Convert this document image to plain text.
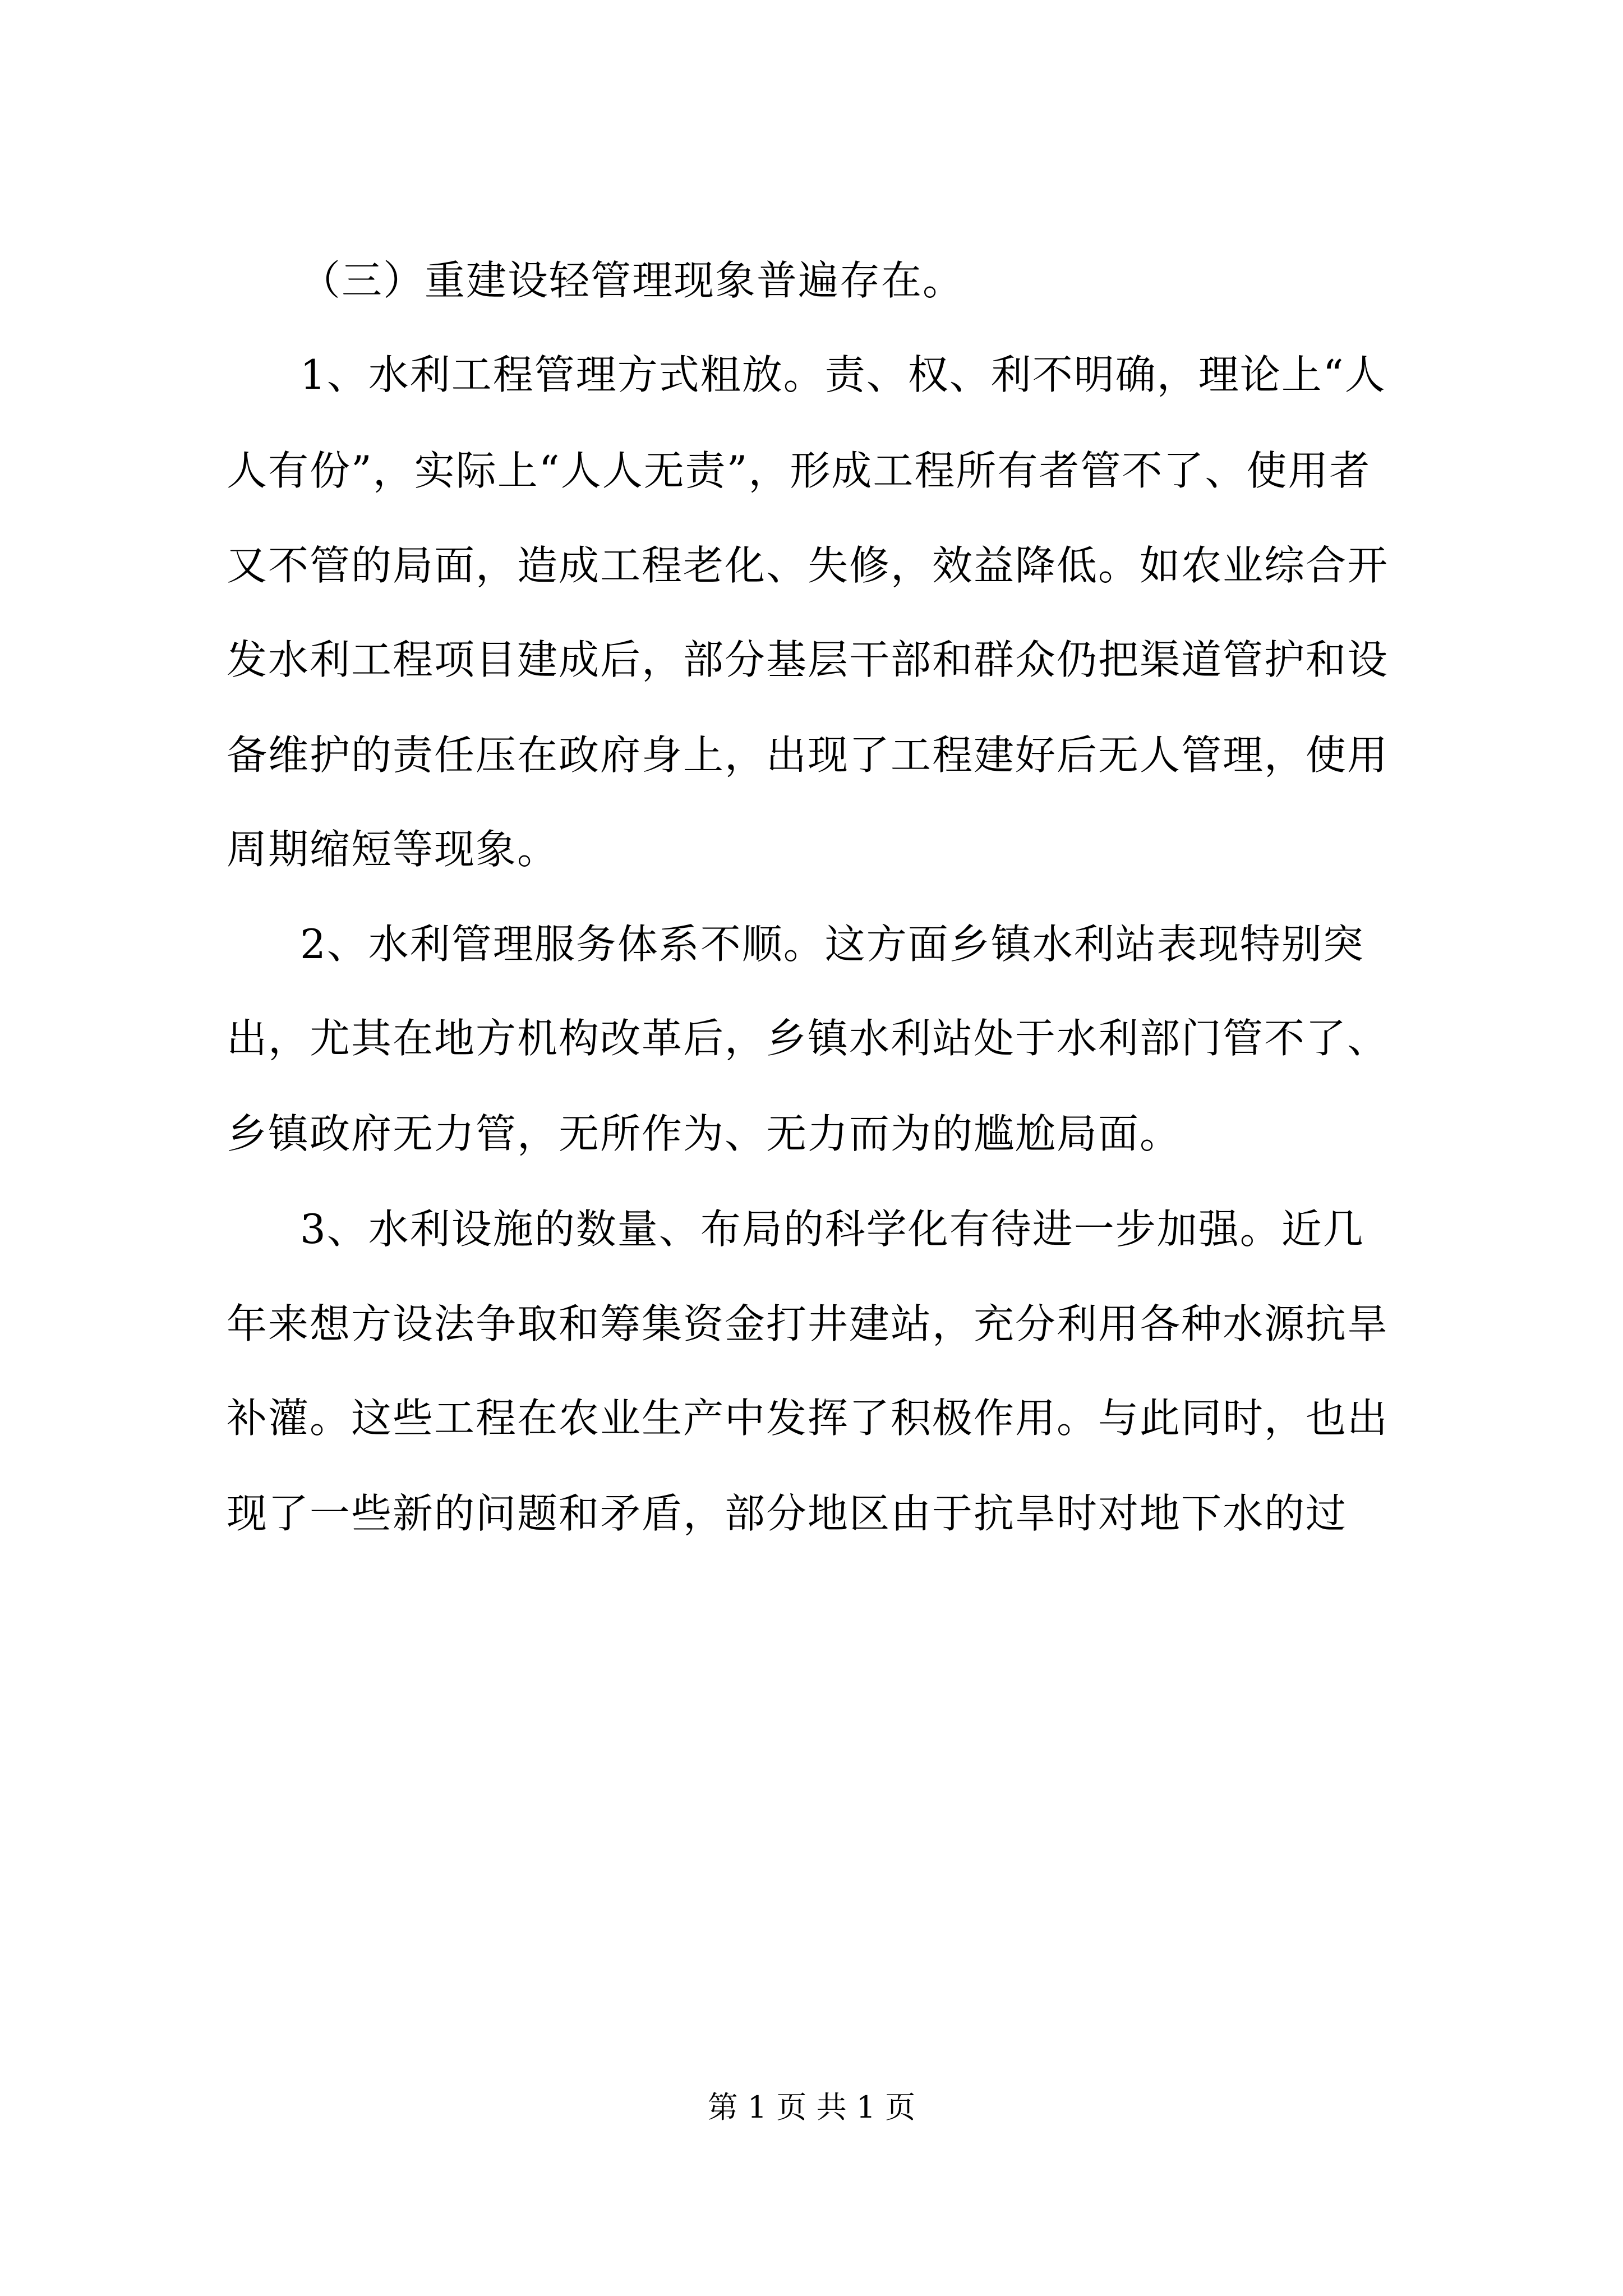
（三）重建设轻管理现象普遍存在。
1、水利工程管理方式粗放。责、权、利不明确，理论上“人
人有份”，实际上“人人无责”，形成工程所有者管不了、使用者
又不管的局面，造成工程老化、失修，效益降低。如农业综合开
发水利工程项目建成后，部分基层干部和群众仍把渠道管护和设
备维护的责任压在政府身上，出现了工程建好后无人管理，使用
周期缩短等现象。
2、水利管理服务体系不顺。这方面乡镇水利站表现特别突
出，尤其在地方机构改革后，乡镇水利站处于水利部门管不了、
乡镇政府无力管，无所作为、无力而为的尴尬局面。
3、水利设施的数量、布局的科学化有待进一步加强。近几
年来想方设法争取和筹集资金打井建站，充分利用各种水源抗旱
补灌。这些工程在农业生产中发挥了积极作用。与此同时，也出
现了一些新的问题和矛盾，部分地区由于抗旱时对地下水的过
第 1 页 共 1 页
